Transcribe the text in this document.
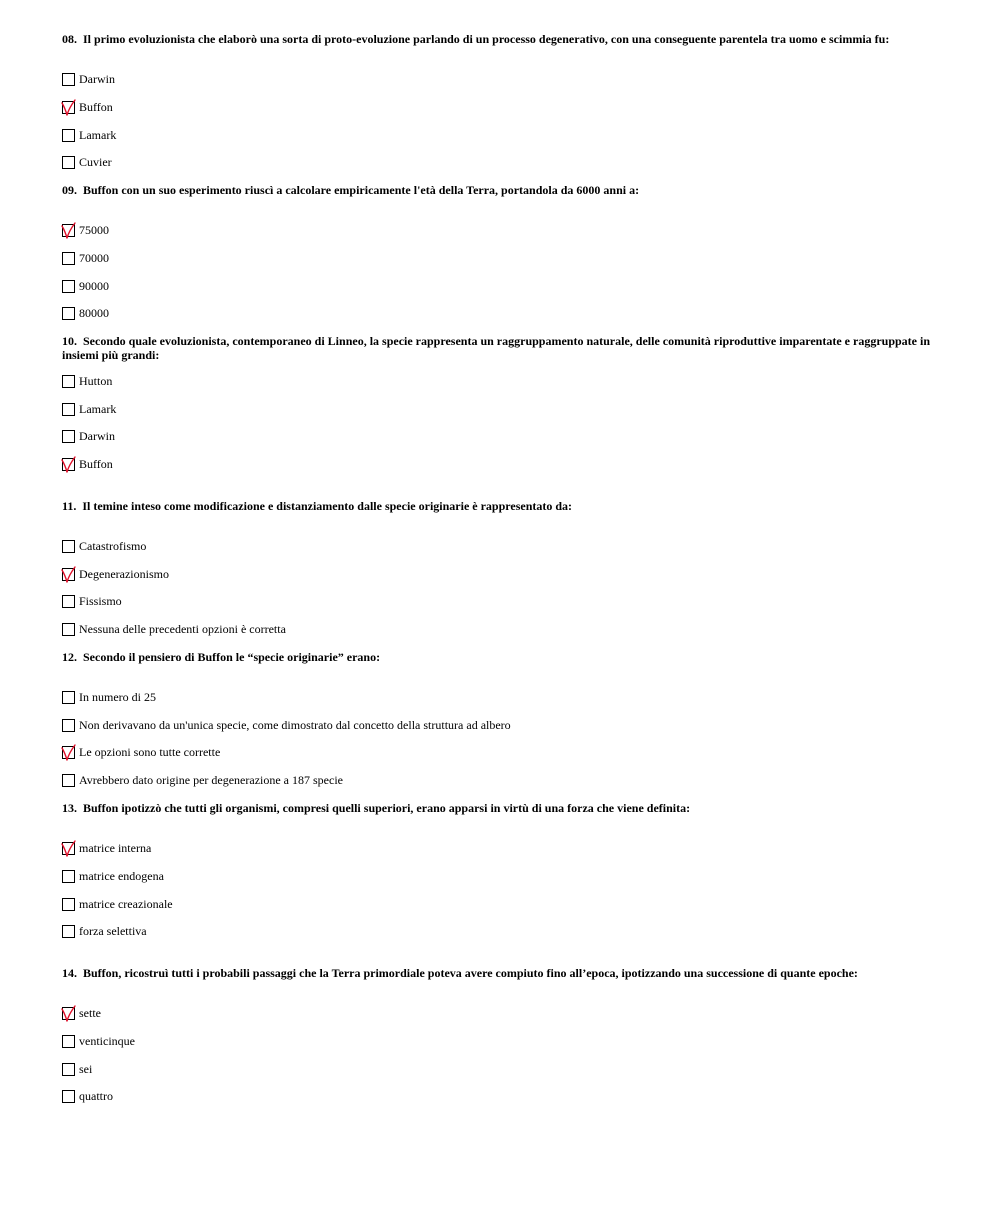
08. Il primo evoluzionista che elaborò una sorta di proto-evoluzione parlando di un processo degenerativo, con una conseguente parentela tra uomo e scimmia fu:

Darwin
Buffon
Lamark
Cuvier

09. Buffon con un suo esperimento riuscì a calcolare empiricamente l'età della Terra, portandola da 6000 anni a:

75000
70000
90000
80000

10. Secondo quale evoluzionista, contemporaneo di Linneo, la specie rappresenta un raggruppamento naturale, delle comunità riproduttive imparentate e raggruppate in insiemi più grandi:

Hutton
Lamark
Darwin
Buffon

11. Il temine inteso come modificazione e distanziamento dalle specie originarie è rappresentato da:

Catastrofismo
Degenerazionismo
Fissismo
Nessuna delle precedenti opzioni è corretta

12. Secondo il pensiero di Buffon le “specie originarie” erano:

In numero di 25
Non derivavano da un'unica specie, come dimostrato dal concetto della struttura ad albero
Le opzioni sono tutte corrette
Avrebbero dato origine per degenerazione a 187 specie

13. Buffon ipotizzò che tutti gli organismi, compresi quelli superiori, erano apparsi in virtù di una forza che viene definita:

matrice interna
matrice endogena
matrice creazionale
forza selettiva

14. Buffon, ricostruì tutti i probabili passaggi che la Terra primordiale poteva avere compiuto fino all’epoca, ipotizzando una successione di quante epoche:

sette
venticinque
sei
quattro
